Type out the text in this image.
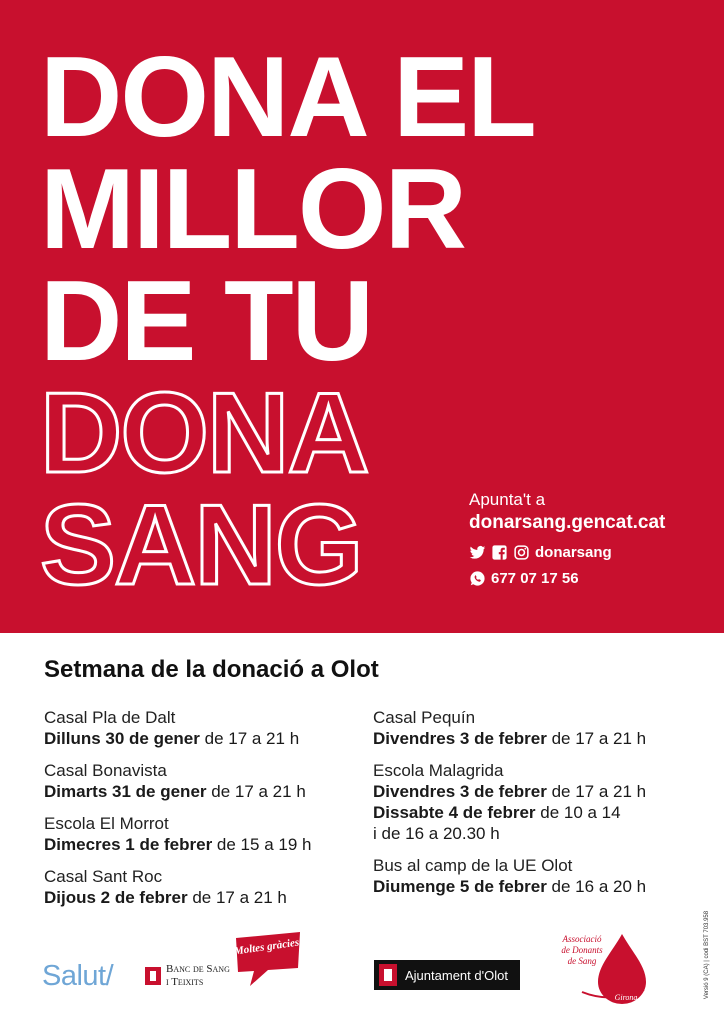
DONA EL
MILLOR
DE TU
DONA
SANG	Apunta't a
donarsang.gencat.cat
donarsang
677 07 17 56
Setmana de la donació a Olot
Casal Pla de Dalt
Dilluns 30 de gener de 17 a 21 h
Casal Bonavista
Dimarts 31 de gener de 17 a 21 h
Escola El Morrot
Dimecres 1 de febrer de 15 a 19 h
Casal Sant Roc
Dijous 2 de febrer de 17 a 21 h
Casal Pequín
Divendres 3 de febrer de 17 a 21 h
Escola Malagrida
Divendres 3 de febrer de 17 a 21 h
Dissabte 4 de febrer de 10 a 14
i de 16 a 20.30 h
Bus al camp de la UE Olot
Diumenge 5 de febrer de 16 a 20 h
Salut/	Banc de Sang
i Teixits
Moltes gràcies
Ajuntament d'Olot
Girona
Associació
de Donants
de Sang	Versió 9 (CA) | codi BST 703.958
